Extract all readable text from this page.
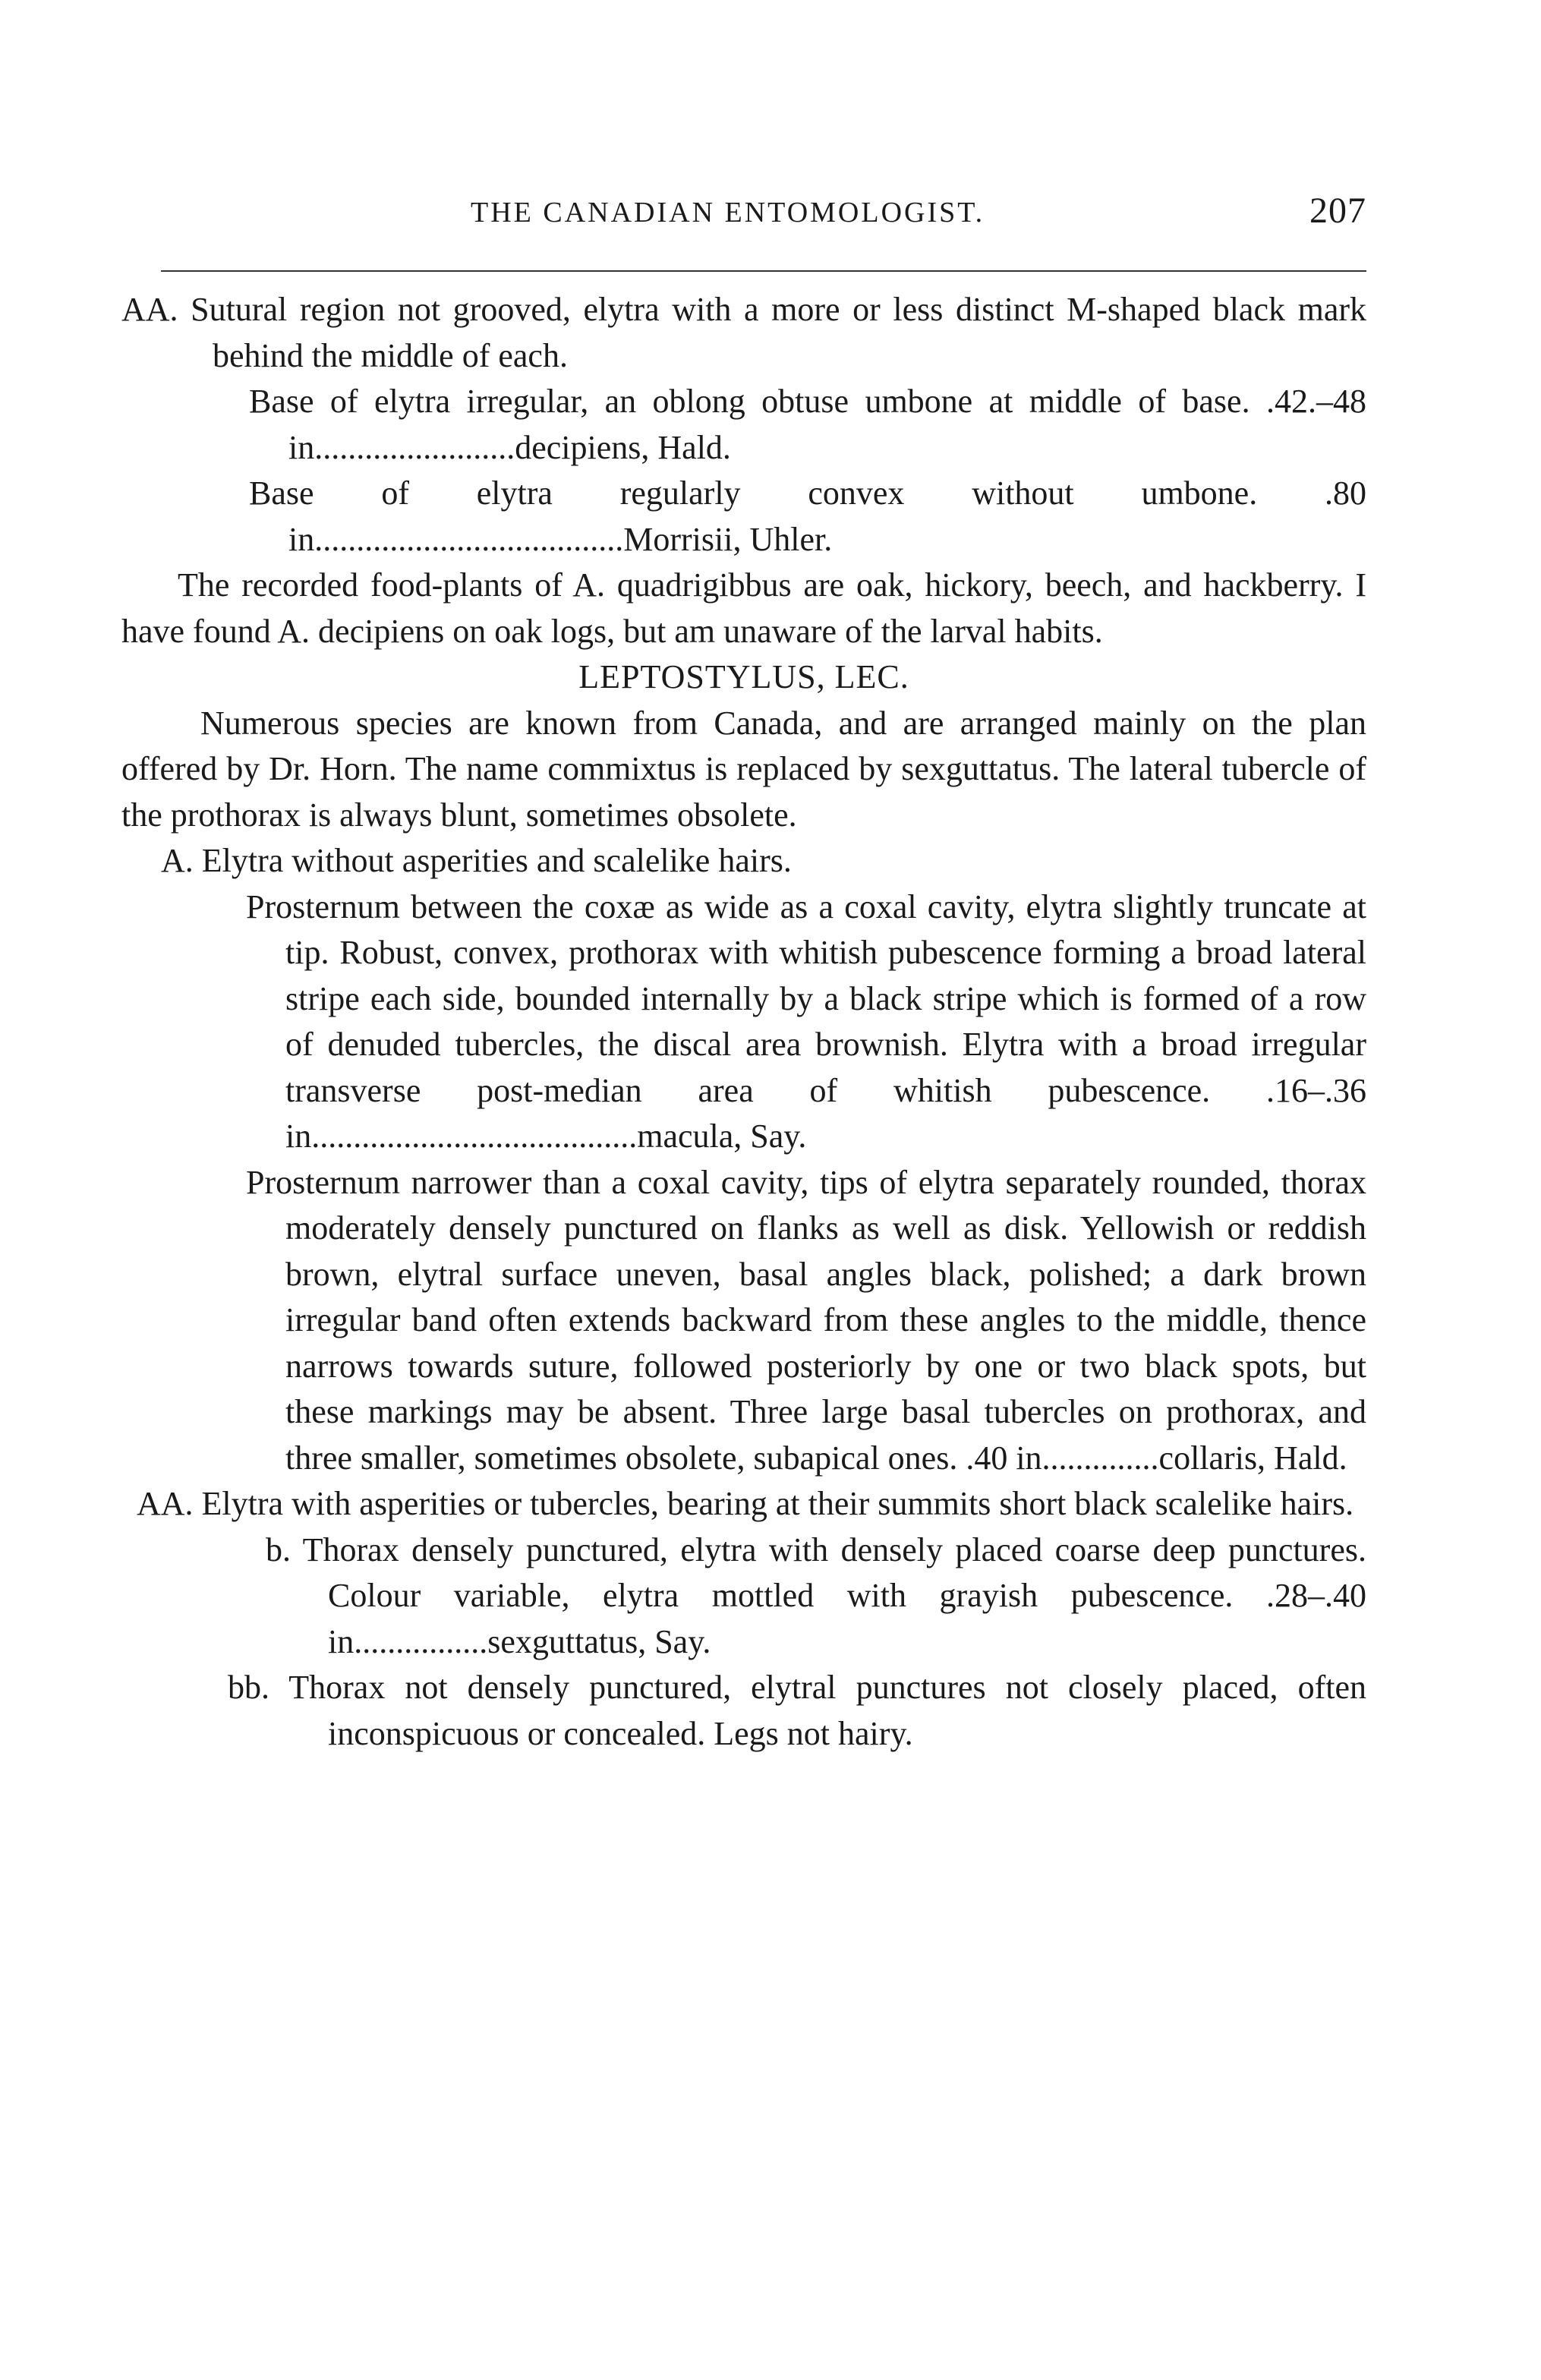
THE CANADIAN ENTOMOLOGIST.	207

AA. Sutural region not grooved, elytra with a more or less distinct M-shaped black mark behind the middle of each.

Base of elytra irregular, an oblong obtuse umbone at middle of base. .42.–48 in........................decipiens, Hald.

Base of elytra regularly convex without umbone. .80 in.....................................Morrisii, Uhler.

The recorded food-plants of A. quadrigibbus are oak, hickory, beech, and hackberry. I have found A. decipiens on oak logs, but am unaware of the larval habits.

LEPTOSTYLUS, LEC.

Numerous species are known from Canada, and are arranged mainly on the plan offered by Dr. Horn. The name commixtus is replaced by sexguttatus. The lateral tubercle of the prothorax is always blunt, sometimes obsolete.

A. Elytra without asperities and scalelike hairs.

Prosternum between the coxæ as wide as a coxal cavity, elytra slightly truncate at tip. Robust, convex, prothorax with whitish pubescence forming a broad lateral stripe each side, bounded internally by a black stripe which is formed of a row of denuded tubercles, the discal area brownish. Elytra with a broad irregular transverse post-median area of whitish pubescence. .16–.36 in.......................................macula, Say.

Prosternum narrower than a coxal cavity, tips of elytra separately rounded, thorax moderately densely punctured on flanks as well as disk. Yellowish or reddish brown, elytral surface uneven, basal angles black, polished; a dark brown irregular band often extends backward from these angles to the middle, thence narrows towards suture, followed posteriorly by one or two black spots, but these markings may be absent. Three large basal tubercles on prothorax, and three smaller, sometimes obsolete, subapical ones. .40 in..............collaris, Hald.

AA. Elytra with asperities or tubercles, bearing at their summits short black scalelike hairs.

b. Thorax densely punctured, elytra with densely placed coarse deep punctures. Colour variable, elytra mottled with grayish pubescence. .28–.40 in................sexguttatus, Say.

bb. Thorax not densely punctured, elytral punctures not closely placed, often inconspicuous or concealed. Legs not hairy.
